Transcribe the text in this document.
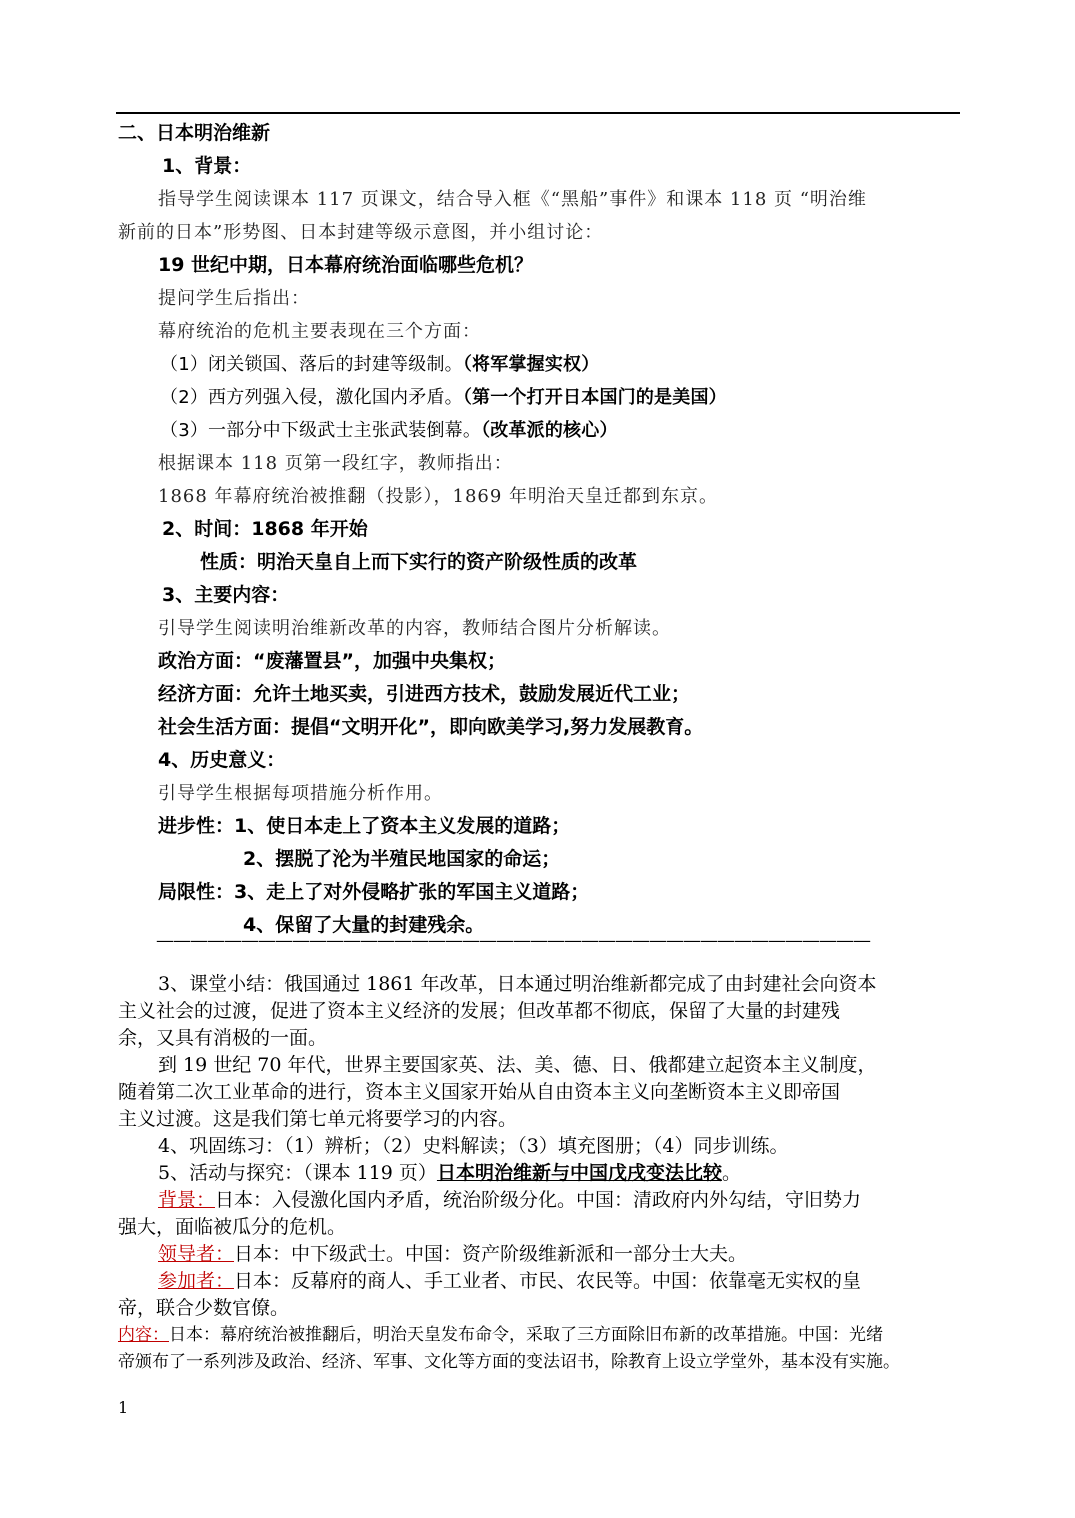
二、日本明治维新
1、背景：
指导学生阅读课本 117 页课文，结合导入框《“黑船”事件》和课本 118 页 “明治维
新前的日本”形势图、日本封建等级示意图，并小组讨论：
19 世纪中期，日本幕府统治面临哪些危机？
提问学生后指出：
幕府统治的危机主要表现在三个方面：
（1）闭关锁国、落后的封建等级制。（将军掌握实权）
（2）西方列强入侵，激化国内矛盾。（第一个打开日本国门的是美国）
（3）一部分中下级武士主张武装倒幕。（改革派的核心）
根据课本 118 页第一段红字，教师指出：
1868 年幕府统治被推翻（投影），1869 年明治天皇迁都到东京。
2、时间：1868 年开始
性质：明治天皇自上而下实行的资产阶级性质的改革
3、主要内容：
引导学生阅读明治维新改革的内容，教师结合图片分析解读。
政治方面：“废藩置县”，加强中央集权；
经济方面：允许土地买卖，引进西方技术，鼓励发展近代工业；
社会生活方面：提倡“文明开化”，即向欧美学习,努力发展教育。
4、历史意义：
引导学生根据每项措施分析作用。
进步性：1、使日本走上了资本主义发展的道路；
2、摆脱了沦为半殖民地国家的命运；
局限性：3、走上了对外侵略扩张的军国主义道路；
4、保留了大量的封建残余。
——————————————————————————————————————————
3、课堂小结：俄国通过 1861 年改革，日本通过明治维新都完成了由封建社会向资本
主义社会的过渡，促进了资本主义经济的发展；但改革都不彻底，保留了大量的封建残
余，又具有消极的一面。
到 19 世纪 70 年代，世界主要国家英、法、美、德、日、俄都建立起资本主义制度，
随着第二次工业革命的进行，资本主义国家开始从自由资本主义向垄断资本主义即帝国
主义过渡。这是我们第七单元将要学习的内容。
4、巩固练习：（1）辨析；（2）史料解读；（3）填充图册；（4）同步训练。
5、活动与探究：（课本 119 页）日本明治维新与中国戊戌变法比较。
背景：日本：入侵激化国内矛盾，统治阶级分化。中国：清政府内外勾结，守旧势力
强大，面临被瓜分的危机。
领导者：日本：中下级武士。中国：资产阶级维新派和一部分士大夫。
参加者：日本：反幕府的商人、手工业者、市民、农民等。中国：依靠毫无实权的皇
帝，联合少数官僚。
内容：日本：幕府统治被推翻后，明治天皇发布命令，采取了三方面除旧布新的改革措施。中国：光绪
帝颁布了一系列涉及政治、经济、军事、文化等方面的变法诏书，除教育上设立学堂外，基本没有实施。
1
